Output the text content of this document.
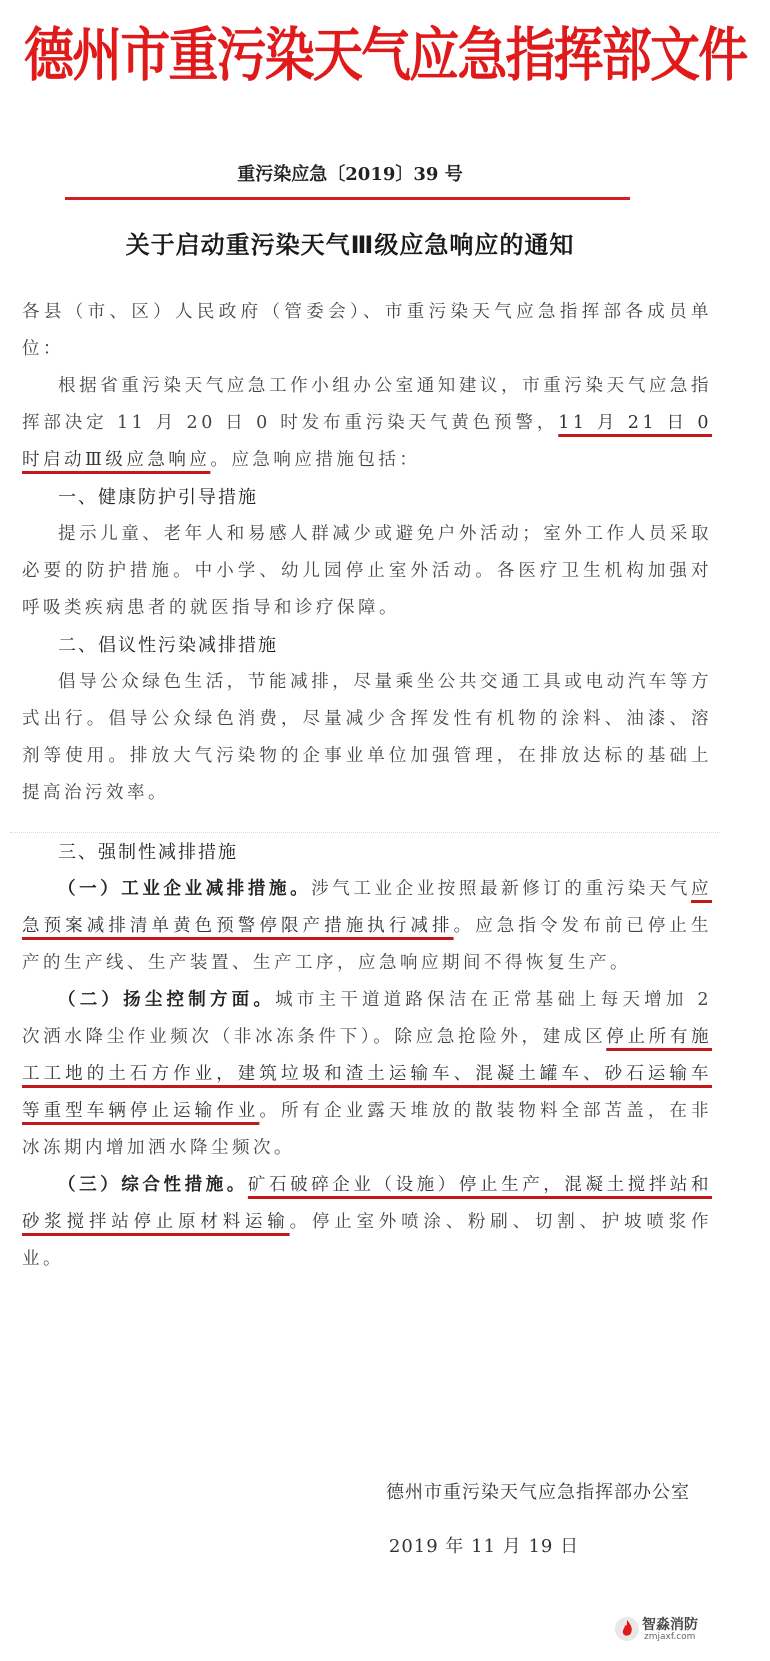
德州市重污染天气应急指挥部文件
重污染应急〔2019〕39 号
关于启动重污染天气Ⅲ级应急响应的通知

各县（市、区）人民政府（管委会）、市重污染天气应急指挥部各成员单位：

根据省重污染天气应急工作小组办公室通知建议，市重污染天气应急指挥部决定 11 月 20 日 0 时发布重污染天气黄色预警，11 月 21 日 0 时启动Ⅲ级应急响应。应急响应措施包括：

一、健康防护引导措施

提示儿童、老年人和易感人群减少或避免户外活动；室外工作人员采取必要的防护措施。中小学、幼儿园停止室外活动。各医疗卫生机构加强对呼吸类疾病患者的就医指导和诊疗保障。

二、倡议性污染减排措施

倡导公众绿色生活，节能减排，尽量乘坐公共交通工具或电动汽车等方式出行。倡导公众绿色消费，尽量减少含挥发性有机物的涂料、油漆、溶剂等使用。排放大气污染物的企事业单位加强管理，在排放达标的基础上提高治污效率。

三、强制性减排措施

（一）工业企业减排措施。涉气工业企业按照最新修订的重污染天气应急预案减排清单黄色预警停限产措施执行减排。应急指令发布前已停止生产的生产线、生产装置、生产工序，应急响应期间不得恢复生产。

（二）扬尘控制方面。城市主干道道路保洁在正常基础上每天增加 2 次洒水降尘作业频次（非冰冻条件下）。除应急抢险外，建成区停止所有施工工地的土石方作业，建筑垃圾和渣土运输车、混凝土罐车、砂石运输车等重型车辆停止运输作业。所有企业露天堆放的散装物料全部苫盖，在非冰冻期内增加洒水降尘频次。

（三）综合性措施。矿石破碎企业（设施）停止生产，混凝土搅拌站和砂浆搅拌站停止原材料运输。停止室外喷涂、粉刷、切割、护坡喷浆作业。

德州市重污染天气应急指挥部办公室
2019 年 11 月 19 日
智淼消防
zmjaxf.com
